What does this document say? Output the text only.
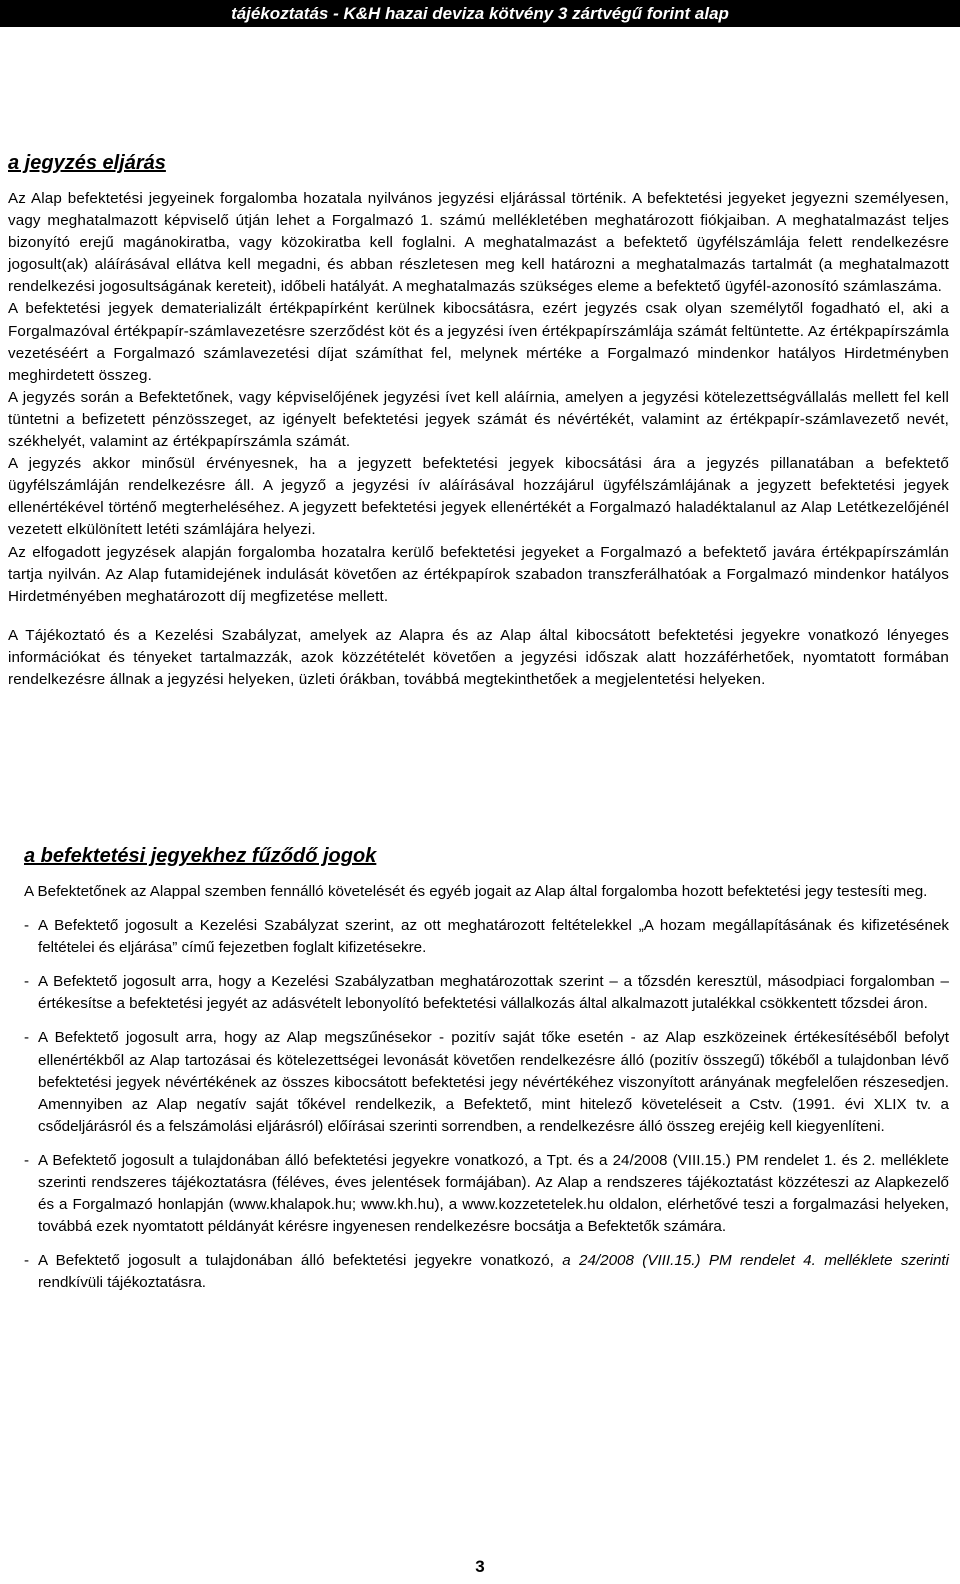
tájékoztatás - K&H hazai deviza kötvény 3 zártvégű forint alap
a jegyzés eljárás

Az Alap befektetési jegyeinek forgalomba hozatala nyilvános jegyzési eljárással történik. A befektetési jegyeket jegyezni személyesen, vagy meghatalmazott képviselő útján lehet a Forgalmazó 1. számú mellékletében meghatározott fiókjaiban. A meghatalmazást teljes bizonyító erejű magánokiratba, vagy közokiratba kell foglalni. A meghatalmazást a befektető ügyfélszámlája felett rendelkezésre jogosult(ak) aláírásával ellátva kell megadni, és abban részletesen meg kell határozni a meghatalmazás tartalmát (a meghatalmazott rendelkezési jogosultságának kereteit), időbeli hatályát. A meghatalmazás szükséges eleme a befektető ügyfél-azonosító számlaszáma.

A befektetési jegyek dematerializált értékpapírként kerülnek kibocsátásra, ezért jegyzés csak olyan személytől fogadható el, aki a Forgalmazóval értékpapír-számlavezetésre szerződést köt és a jegyzési íven értékpapírszámlája számát feltüntette. Az értékpapírszámla vezetéséért a Forgalmazó számlavezetési díjat számíthat fel, melynek mértéke a Forgalmazó mindenkor hatályos Hirdetményben meghirdetett összeg.

A jegyzés során a Befektetőnek, vagy képviselőjének jegyzési ívet kell aláírnia, amelyen a jegyzési kötelezettségvállalás mellett fel kell tüntetni a befizetett pénzösszeget, az igényelt befektetési jegyek számát és névértékét, valamint az értékpapír-számlavezető nevét, székhelyét, valamint az értékpapírszámla számát.

A jegyzés akkor minősül érvényesnek, ha a jegyzett befektetési jegyek kibocsátási ára a jegyzés pillanatában a befektető ügyfélszámláján rendelkezésre áll. A jegyző a jegyzési ív aláírásával hozzájárul ügyfélszámlájának a jegyzett befektetési jegyek ellenértékével történő megterheléséhez. A jegyzett befektetési jegyek ellenértékét a Forgalmazó haladéktalanul az Alap Letétkezelőjénél vezetett elkülönített letéti számlájára helyezi.

Az elfogadott jegyzések alapján forgalomba hozatalra kerülő befektetési jegyeket a Forgalmazó a befektető javára értékpapírszámlán tartja nyilván. Az Alap futamidejének indulását követően az értékpapírok szabadon transzferálhatóak a Forgalmazó mindenkor hatályos Hirdetményében meghatározott díj megfizetése mellett.

A Tájékoztató és a Kezelési Szabályzat, amelyek az Alapra és az Alap által kibocsátott befektetési jegyekre vonatkozó lényeges információkat és tényeket tartalmazzák, azok közzétételét követően a jegyzési időszak alatt hozzáférhetőek, nyomtatott formában rendelkezésre állnak a jegyzési helyeken, üzleti órákban, továbbá megtekinthetőek a megjelentetési helyeken.

a befektetési jegyekhez fűződő jogok

A Befektetőnek az Alappal szemben fennálló követelését és egyéb jogait az Alap által forgalomba hozott befektetési jegy testesíti meg.

- A Befektető jogosult a Kezelési Szabályzat szerint, az ott meghatározott feltételekkel „A hozam megállapításának és kifizetésének feltételei és eljárása” című fejezetben foglalt kifizetésekre.

- A Befektető jogosult arra, hogy a Kezelési Szabályzatban meghatározottak szerint – a tőzsdén keresztül, másodpiaci forgalomban – értékesítse a befektetési jegyét az adásvételt lebonyolító befektetési vállalkozás által alkalmazott jutalékkal csökkentett tőzsdei áron.

- A Befektető jogosult arra, hogy az Alap megszűnésekor - pozitív saját tőke esetén - az Alap eszközeinek értékesítéséből befolyt ellenértékből az Alap tartozásai és kötelezettségei levonását követően rendelkezésre álló (pozitív összegű) tőkéből a tulajdonban lévő befektetési jegyek névértékének az összes kibocsátott befektetési jegy névértékéhez viszonyított arányának megfelelően részesedjen. Amennyiben az Alap negatív saját tőkével rendelkezik, a Befektető, mint hitelező követeléseit a Cstv. (1991. évi XLIX tv. a csődeljárásról és a felszámolási eljárásról) előírásai szerinti sorrendben, a rendelkezésre álló összeg erejéig kell kiegyenlíteni.

- A Befektető jogosult a tulajdonában álló befektetési jegyekre vonatkozó, a Tpt. és a 24/2008 (VIII.15.) PM rendelet 1. és 2. melléklete szerinti rendszeres tájékoztatásra (féléves, éves jelentések formájában). Az Alap a rendszeres tájékoztatást közzéteszi az Alapkezelő és a Forgalmazó honlapján (www.khalapok.hu; www.kh.hu), a www.kozzetetelek.hu oldalon, elérhetővé teszi a forgalmazási helyeken, továbbá ezek nyomtatott példányát kérésre ingyenesen rendelkezésre bocsátja a Befektetők számára.

- A Befektető jogosult a tulajdonában álló befektetési jegyekre vonatkozó, a 24/2008 (VIII.15.) PM rendelet 4. melléklete szerinti rendkívüli tájékoztatásra.

3
